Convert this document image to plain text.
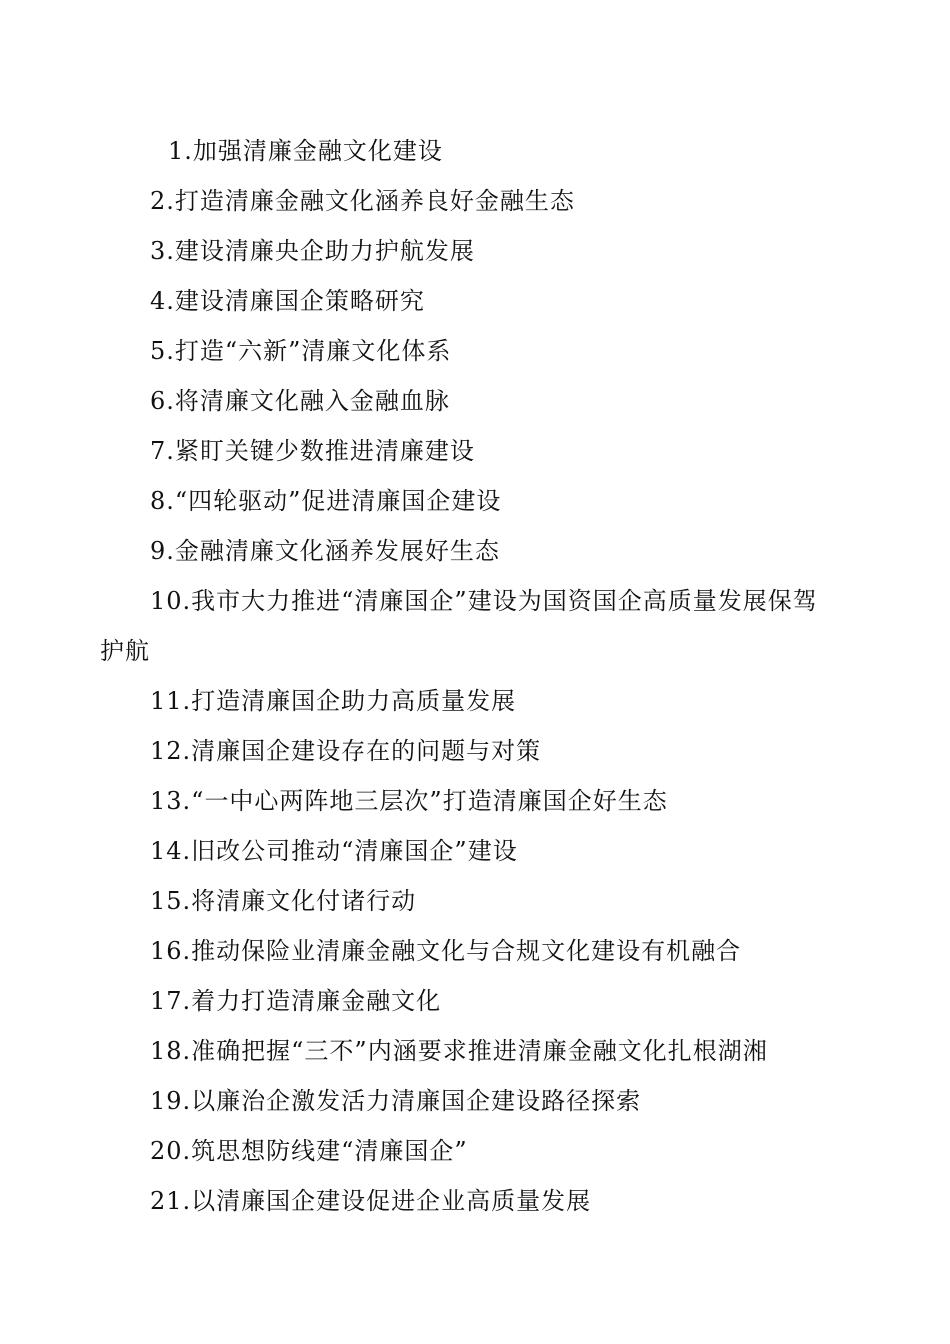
1.加强清廉金融文化建设
2.打造清廉金融文化涵养良好金融生态
3.建设清廉央企助力护航发展
4.建设清廉国企策略研究
5.打造“六新”清廉文化体系
6.将清廉文化融入金融血脉
7.紧盯关键少数推进清廉建设
8.“四轮驱动”促进清廉国企建设
9.金融清廉文化涵养发展好生态
10.我市大力推进“清廉国企”建设为国资国企高质量发展保驾护航
11.打造清廉国企助力高质量发展
12.清廉国企建设存在的问题与对策
13.“一中心两阵地三层次”打造清廉国企好生态
14.旧改公司推动“清廉国企”建设
15.将清廉文化付诸行动
16.推动保险业清廉金融文化与合规文化建设有机融合
17.着力打造清廉金融文化
18.准确把握“三不”内涵要求推进清廉金融文化扎根湖湘
19.以廉治企激发活力清廉国企建设路径探索
20.筑思想防线建“清廉国企”
21.以清廉国企建设促进企业高质量发展
